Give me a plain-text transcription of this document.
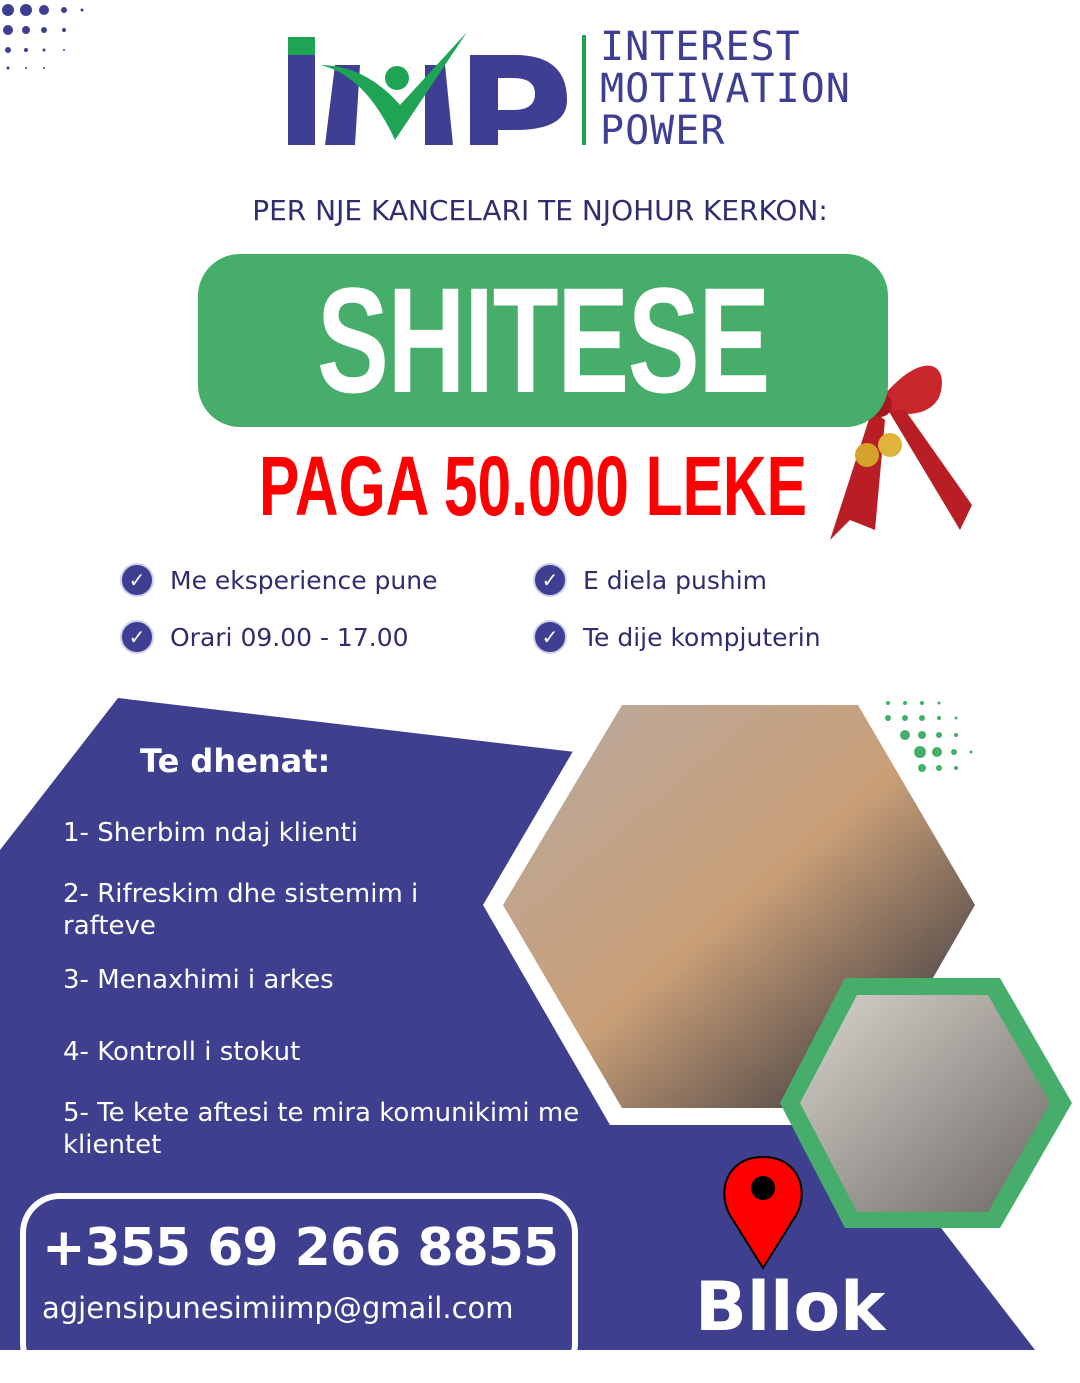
INTEREST
MOTIVATION
POWER
PER NJE KANCELARI TE NJOHUR KERKON:
SHITESE
PAGA 50.000 LEKE
✓ Me eksperience pune	✓ E diela pushim
✓ Orari 09.00 - 17.00	✓ Te dije kompjuterin
Te dhenat:
1- Sherbim ndaj klienti
2- Rifreskim dhe sistemim i rafteve
3- Menaxhimi i arkes
4- Kontroll i stokut
5- Te kete aftesi te mira komunikimi me klientet
+355 69 266 8855
agjensipunesimiimp@gmail.com	Bllok
